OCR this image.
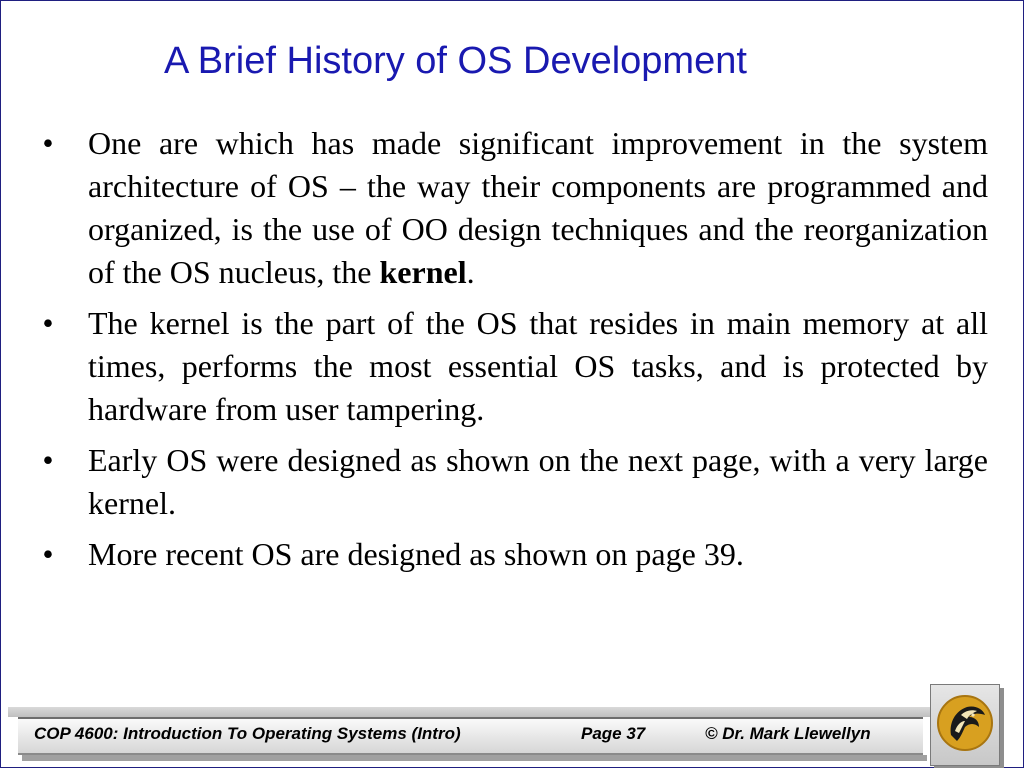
A Brief History of OS Development
• One are which has made significant improvement in the system architecture of OS – the way their components are programmed and organized, is the use of OO design techniques and the reorganization of the OS nucleus, the kernel.
• The kernel is the part of the OS that resides in main memory at all times, performs the most essential OS tasks, and is protected by hardware from user tampering.
• Early OS were designed as shown on the next page, with a very large kernel.
• More recent OS are designed as shown on page 39.
COP 4600: Introduction To Operating Systems (Intro)	Page 37	© Dr. Mark Llewellyn
